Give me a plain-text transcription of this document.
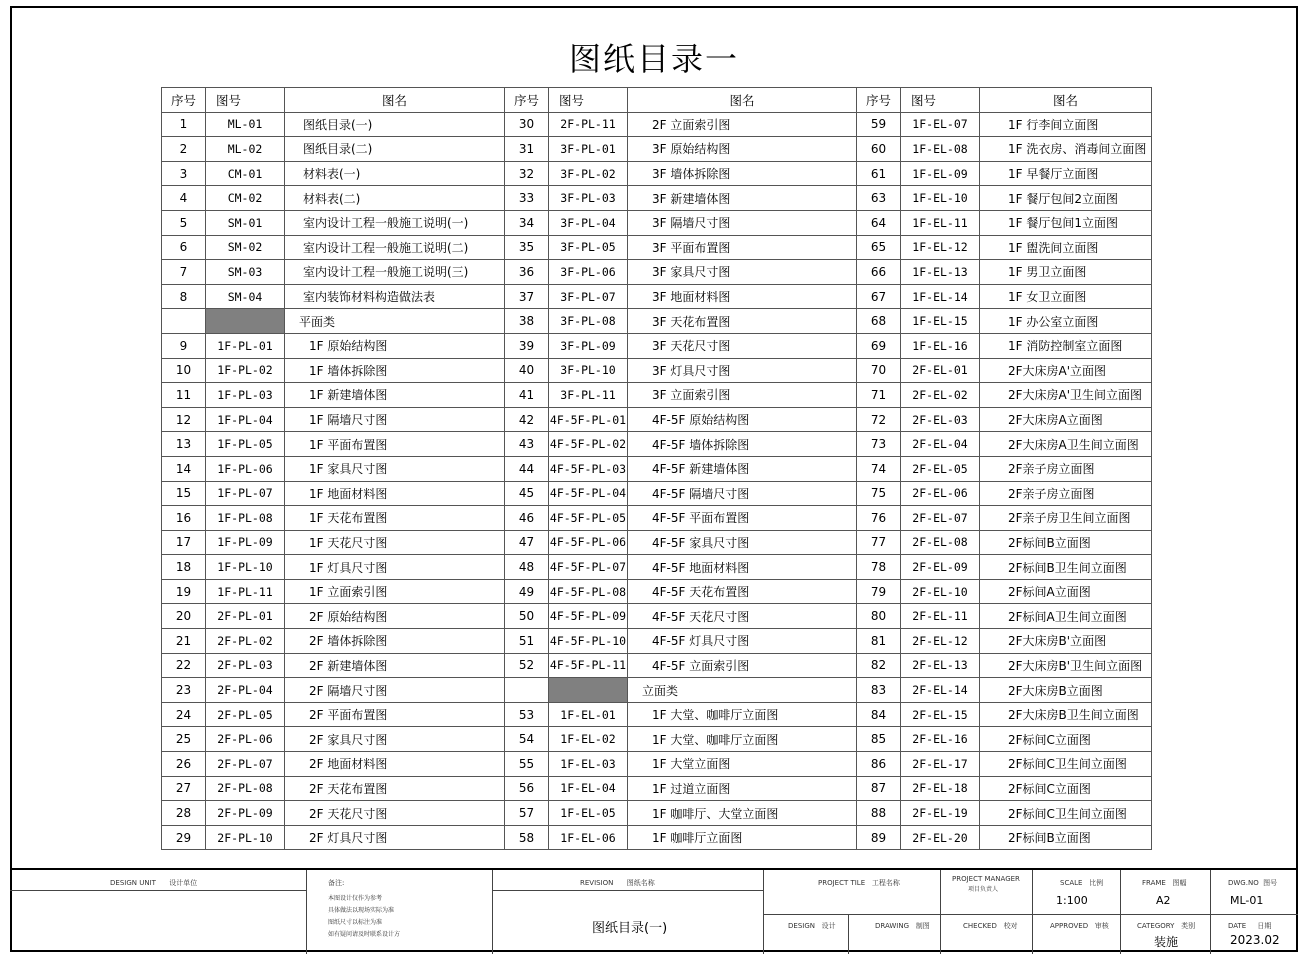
图纸目录一
序号	图号	图名	序号	图号	图名	序号	图号	图名
1	ML-01	图纸目录(一)	30	2F-PL-11	2F 立面索引图	59	1F-EL-07	1F 行李间立面图
2	ML-02	图纸目录(二)	31	3F-PL-01	3F 原始结构图	60	1F-EL-08	1F 洗衣房、消毒间立面图
3	CM-01	材料表(一)	32	3F-PL-02	3F 墙体拆除图	61	1F-EL-09	1F 早餐厅立面图
4	CM-02	材料表(二)	33	3F-PL-03	3F 新建墙体图	63	1F-EL-10	1F 餐厅包间2立面图
5	SM-01	室内设计工程一般施工说明(一)	34	3F-PL-04	3F 隔墙尺寸图	64	1F-EL-11	1F 餐厅包间1立面图
6	SM-02	室内设计工程一般施工说明(二)	35	3F-PL-05	3F 平面布置图	65	1F-EL-12	1F 盥洗间立面图
7	SM-03	室内设计工程一般施工说明(三)	36	3F-PL-06	3F 家具尺寸图	66	1F-EL-13	1F 男卫立面图
8	SM-04	室内装饰材料构造做法表	37	3F-PL-07	3F 地面材料图	67	1F-EL-14	1F 女卫立面图
		平面类	38	3F-PL-08	3F 天花布置图	68	1F-EL-15	1F 办公室立面图
9	1F-PL-01	1F 原始结构图	39	3F-PL-09	3F 天花尺寸图	69	1F-EL-16	1F 消防控制室立面图
10	1F-PL-02	1F 墙体拆除图	40	3F-PL-10	3F 灯具尺寸图	70	2F-EL-01	2F大床房A'立面图
11	1F-PL-03	1F 新建墙体图	41	3F-PL-11	3F 立面索引图	71	2F-EL-02	2F大床房A'卫生间立面图
12	1F-PL-04	1F 隔墙尺寸图	42	4F-5F-PL-01	4F-5F 原始结构图	72	2F-EL-03	2F大床房A立面图
13	1F-PL-05	1F 平面布置图	43	4F-5F-PL-02	4F-5F 墙体拆除图	73	2F-EL-04	2F大床房A卫生间立面图
14	1F-PL-06	1F 家具尺寸图	44	4F-5F-PL-03	4F-5F 新建墙体图	74	2F-EL-05	2F亲子房立面图
15	1F-PL-07	1F 地面材料图	45	4F-5F-PL-04	4F-5F 隔墙尺寸图	75	2F-EL-06	2F亲子房立面图
16	1F-PL-08	1F 天花布置图	46	4F-5F-PL-05	4F-5F 平面布置图	76	2F-EL-07	2F亲子房卫生间立面图
17	1F-PL-09	1F 天花尺寸图	47	4F-5F-PL-06	4F-5F 家具尺寸图	77	2F-EL-08	2F标间B立面图
18	1F-PL-10	1F 灯具尺寸图	48	4F-5F-PL-07	4F-5F 地面材料图	78	2F-EL-09	2F标间B卫生间立面图
19	1F-PL-11	1F 立面索引图	49	4F-5F-PL-08	4F-5F 天花布置图	79	2F-EL-10	2F标间A立面图
20	2F-PL-01	2F 原始结构图	50	4F-5F-PL-09	4F-5F 天花尺寸图	80	2F-EL-11	2F标间A卫生间立面图
21	2F-PL-02	2F 墙体拆除图	51	4F-5F-PL-10	4F-5F 灯具尺寸图	81	2F-EL-12	2F大床房B'立面图
22	2F-PL-03	2F 新建墙体图	52	4F-5F-PL-11	4F-5F 立面索引图	82	2F-EL-13	2F大床房B'卫生间立面图
23	2F-PL-04	2F 隔墙尺寸图			立面类	83	2F-EL-14	2F大床房B立面图
24	2F-PL-05	2F 平面布置图	53	1F-EL-01	1F 大堂、咖啡厅立面图	84	2F-EL-15	2F大床房B卫生间立面图
25	2F-PL-06	2F 家具尺寸图	54	1F-EL-02	1F 大堂、咖啡厅立面图	85	2F-EL-16	2F标间C立面图
26	2F-PL-07	2F 地面材料图	55	1F-EL-03	1F 大堂立面图	86	2F-EL-17	2F标间C卫生间立面图
27	2F-PL-08	2F 天花布置图	56	1F-EL-04	1F 过道立面图	87	2F-EL-18	2F标间C立面图
28	2F-PL-09	2F 天花尺寸图	57	1F-EL-05	1F 咖啡厅、大堂立面图	88	2F-EL-19	2F标间C卫生间立面图
29	2F-PL-10	2F 灯具尺寸图	58	1F-EL-06	1F 咖啡厅立面图	89	2F-EL-20	2F标间B立面图
DESIGN UNIT 设计单位	备注:
本图设计仅作为参考
具体做法以现场实际为准
图纸尺寸以标注为准
如有疑问请及时联系设计方
REVISION 图纸名称
图纸目录(一)
PROJECT TILE 工程名称	PROJECT MANAGER
项目负责人
SCALE 比例
1:100
FRAME 图幅
A2
DWG.NO 图号
ML-01
DESIGN 设计	DRAWING 制图	CHECKED 校对	APPROVED 审核	CATEGORY 类别
装施
DATE 日期
2023.02
